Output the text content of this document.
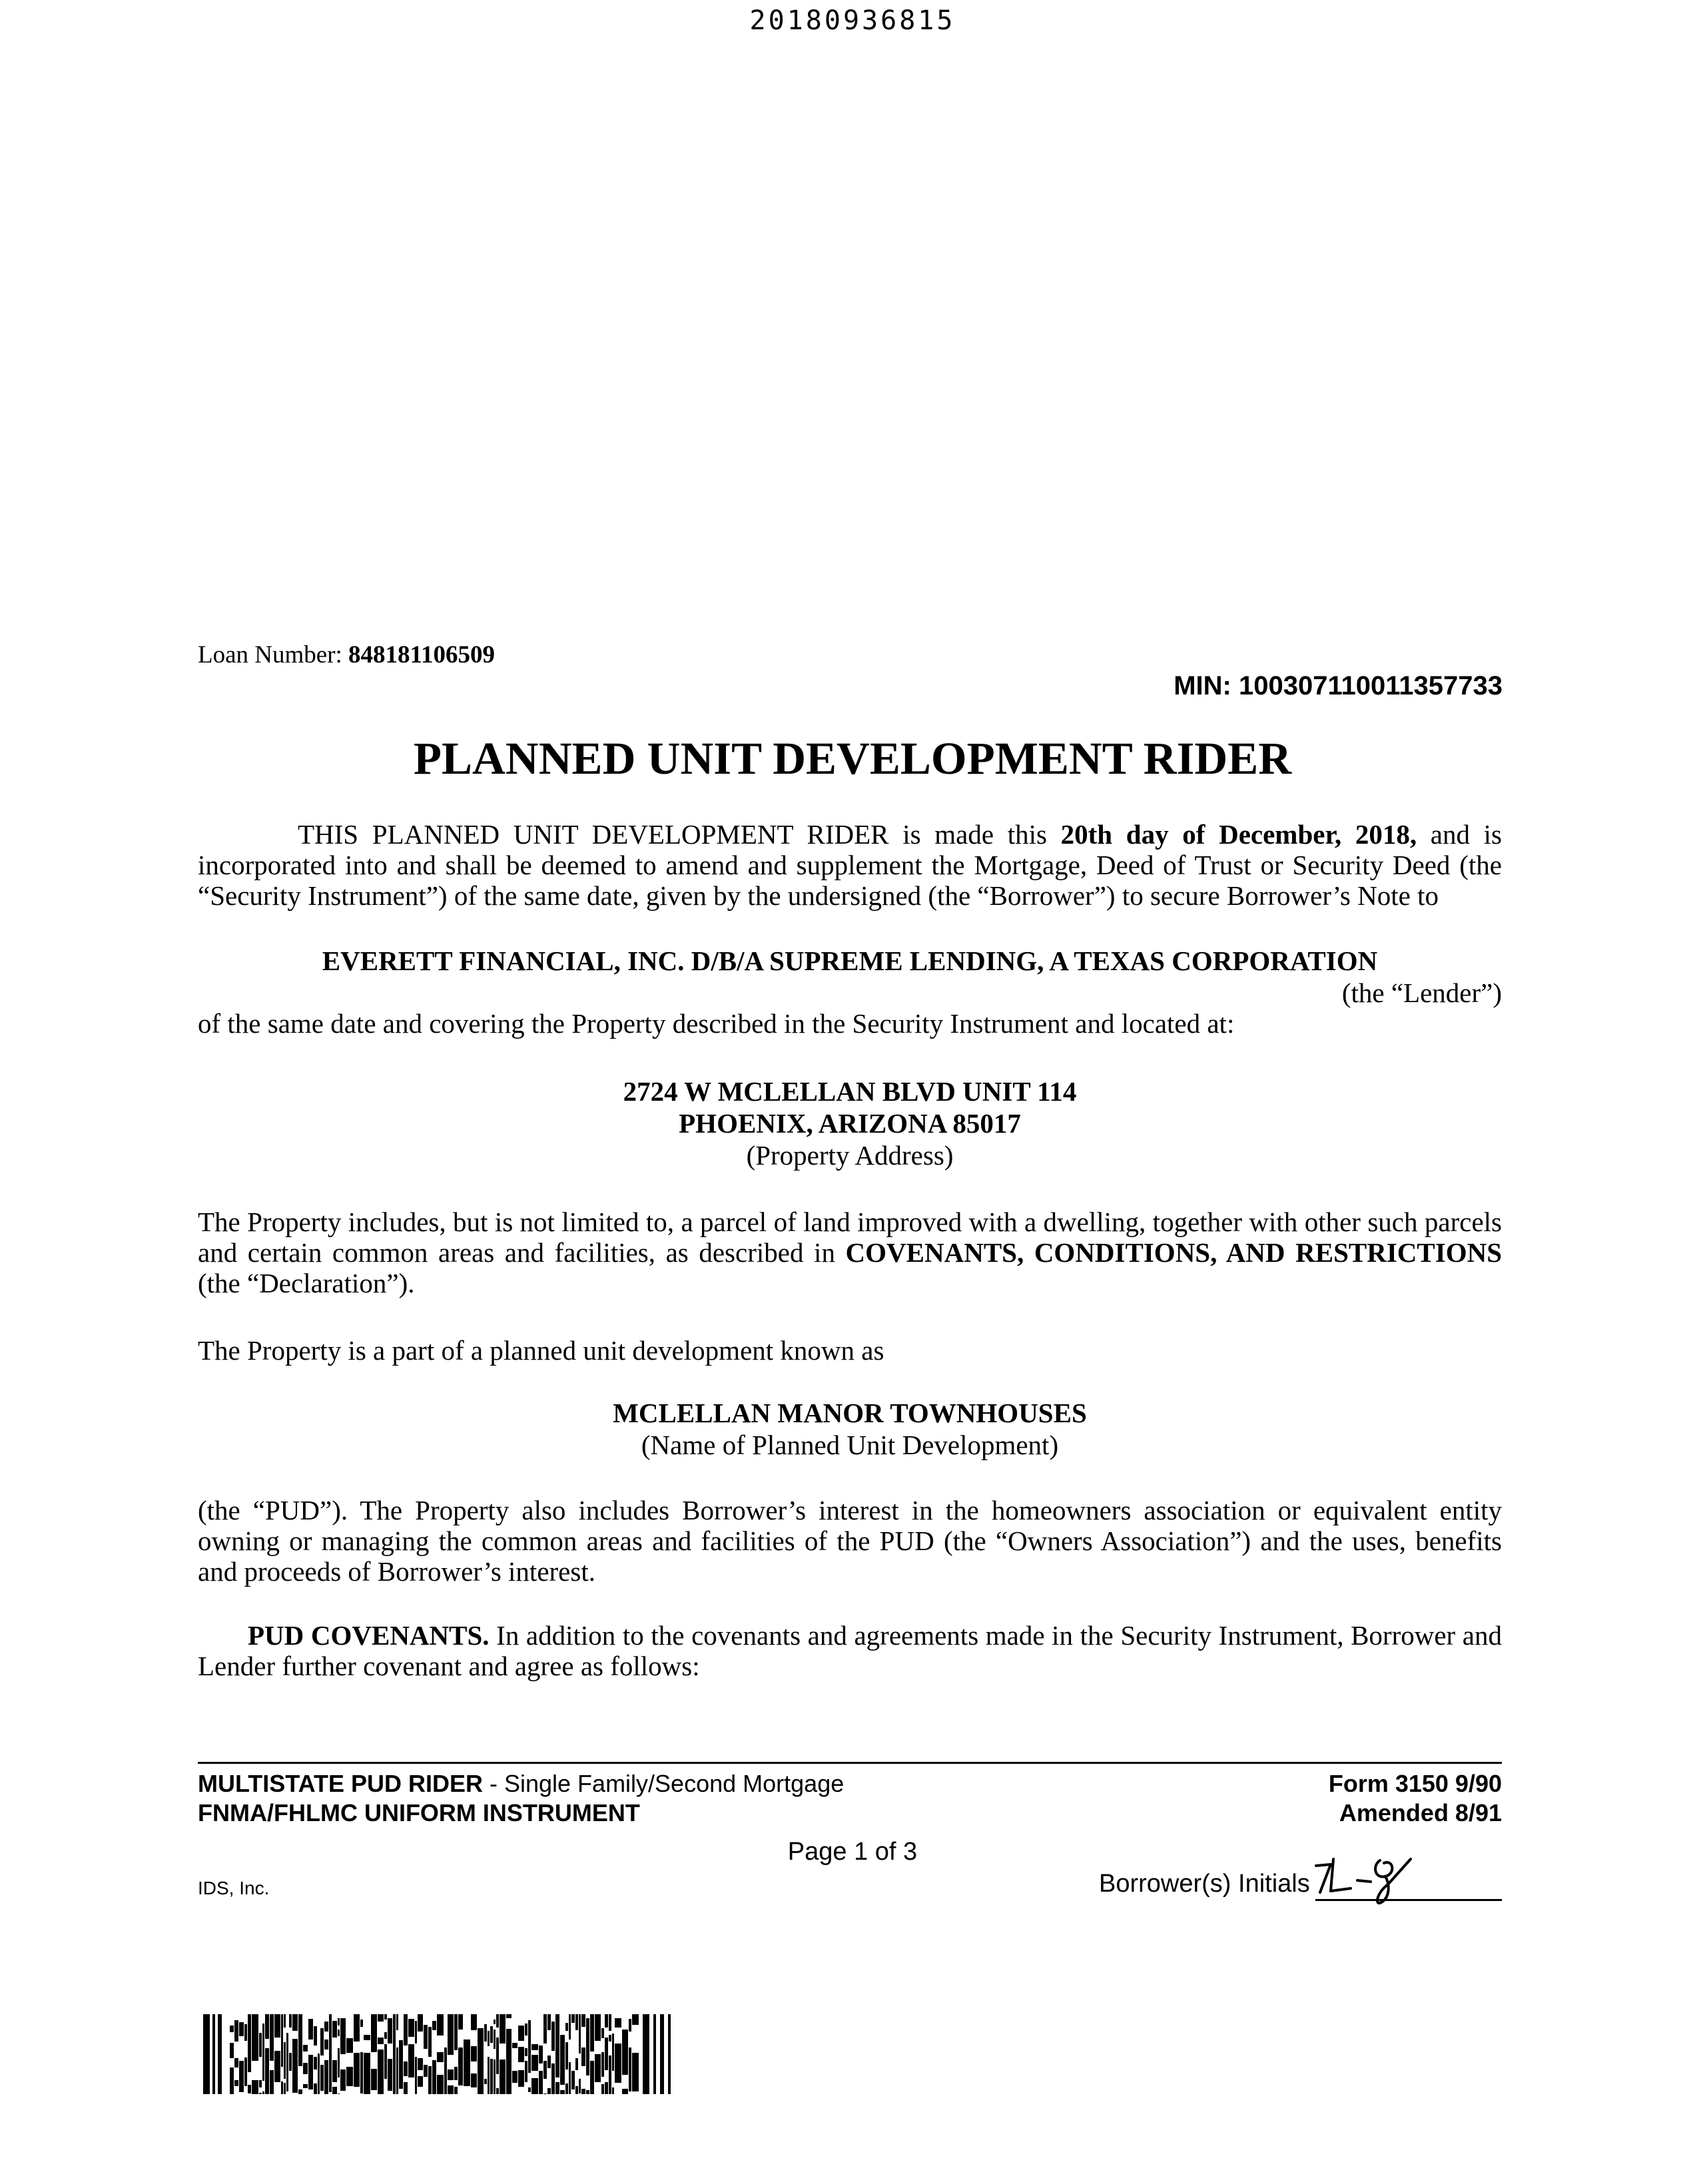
20180936815
Loan Number: 848181106509
MIN: 100307110011357733
PLANNED UNIT DEVELOPMENT RIDER
THIS PLANNED UNIT DEVELOPMENT RIDER is made this 20th day of December, 2018, and is incorporated into and shall be deemed to amend and supplement the Mortgage, Deed of Trust or Security Deed (the “Security Instrument”) of the same date, given by the undersigned (the “Borrower”) to secure Borrower’s Note to
EVERETT FINANCIAL, INC. D/B/A SUPREME LENDING, A TEXAS CORPORATION
(the “Lender”)
of the same date and covering the Property described in the Security Instrument and located at:
2724 W MCLELLAN BLVD UNIT 114
PHOENIX, ARIZONA 85017
(Property Address)
The Property includes, but is not limited to, a parcel of land improved with a dwelling, together with other such parcels and certain common areas and facilities, as described in COVENANTS, CONDITIONS, AND RESTRICTIONS (the “Declaration”).
The Property is a part of a planned unit development known as
MCLELLAN MANOR TOWNHOUSES
(Name of Planned Unit Development)
(the “PUD”). The Property also includes Borrower’s interest in the homeowners association or equivalent entity owning or managing the common areas and facilities of the PUD (the “Owners Association”) and the uses, benefits and proceeds of Borrower’s interest.
PUD COVENANTS. In addition to the covenants and agreements made in the Security Instrument, Borrower and Lender further covenant and agree as follows:
MULTISTATE PUD RIDER - Single Family/Second Mortgage
FNMA/FHLMC UNIFORM INSTRUMENT
Form 3150 9/90
Amended 8/91
Page 1 of 3
IDS, Inc.	Borrower(s) Initials
